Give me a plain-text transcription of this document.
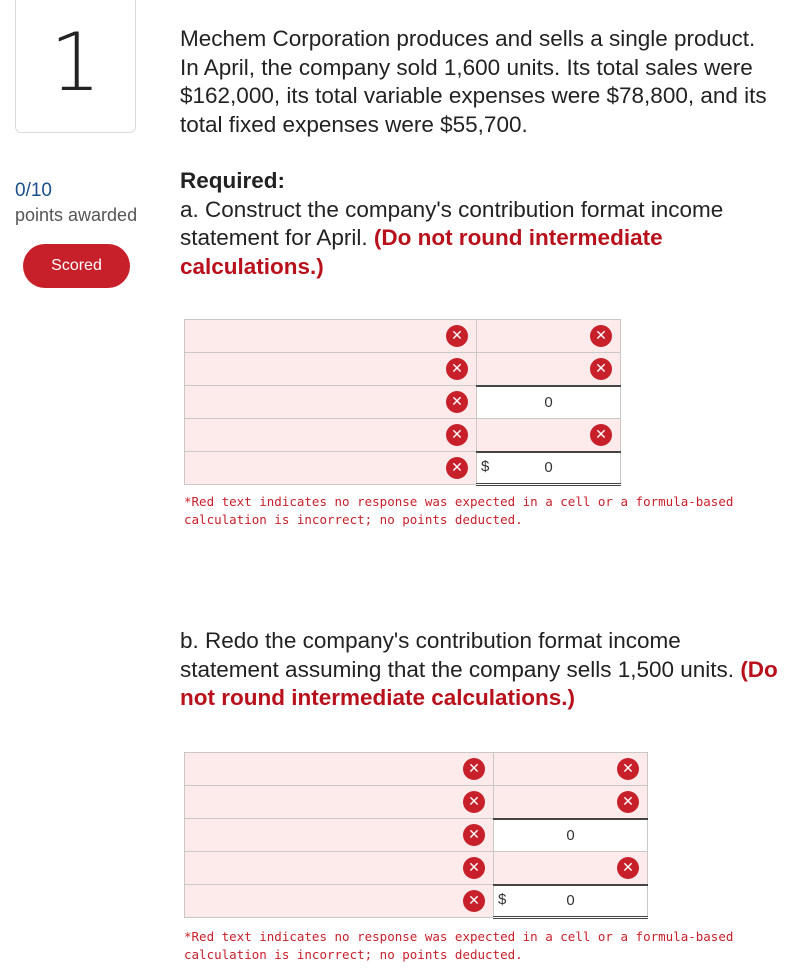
1
0/10
points awarded
Scored
Mechem Corporation produces and sells a single product.
In April, the company sold 1,600 units. Its total sales were
$162,000, its total variable expenses were $78,800, and its
total fixed expenses were $55,700.
Required:
a. Construct the company's contribution format income
statement for April. (Do not round intermediate
calculations.)
✕	✕

✕	✕

✕	0

✕	✕

✕	$ 0
*Red text indicates no response was expected in a cell or a formula-based
calculation is incorrect; no points deducted.
b. Redo the company's contribution format income
statement assuming that the company sells 1,500 units. (Do
not round intermediate calculations.)
✕	✕

✕	✕

✕	0

✕	✕

✕	$ 0
*Red text indicates no response was expected in a cell or a formula-based
calculation is incorrect; no points deducted.
